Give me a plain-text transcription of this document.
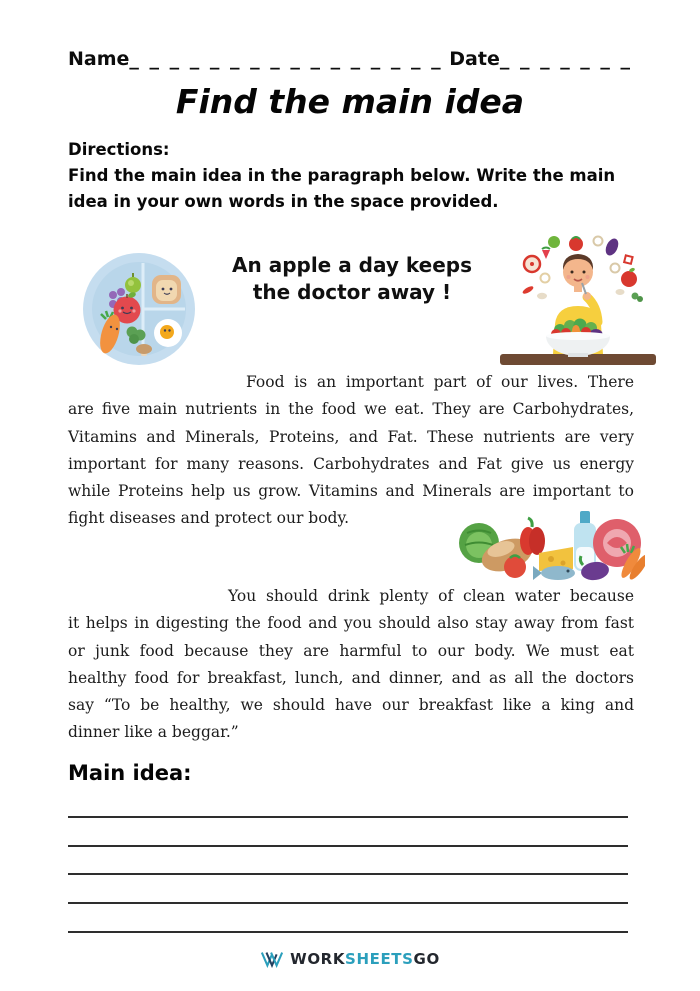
Name_ _ _ _ _ _ _ _ _ _ _ _ _ _ _ _ Date_ _ _ _ _ _ _
Find the main idea
Directions:
Find the main idea in the paragraph below. Write the main idea in your own words in the space provided.
An apple a day keeps
the doctor away !
Food is an important part of our lives. There
are five main nutrients in the food we eat. They are Carbohydrates,
Vitamins and Minerals, Proteins, and Fat. These nutrients are very
important for many reasons. Carbohydrates and Fat give us energy
while Proteins help us grow. Vitamins and Minerals are important to
fight diseases and protect our body.
You should drink plenty of clean water because
it helps in digesting the food and you should also stay away from fast
or junk food because they are harmful to our body. We must eat
healthy food for breakfast, lunch, and dinner, and as all the doctors
say “To be healthy, we should have our breakfast like a king and
dinner like a beggar.”
Main idea:
WORKSHEETSGO
